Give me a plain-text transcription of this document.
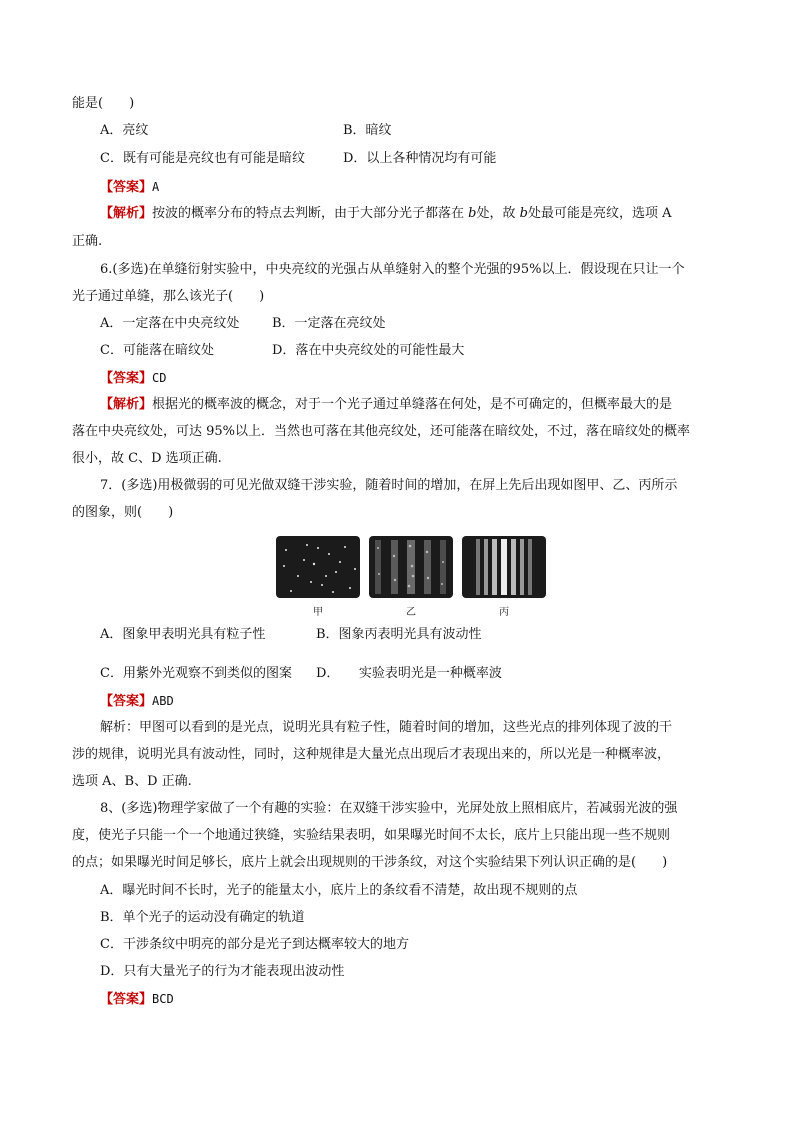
能是(　　)
A．亮纹	B．暗纹
C．既有可能是亮纹也有可能是暗纹	D．以上各种情况均有可能
【答案】A
【解析】按波的概率分布的特点去判断，由于大部分光子都落在 b处，故 b处最可能是亮纹，选项 A
正确.
6.(多选)在单缝衍射实验中，中央亮纹的光强占从单缝射入的整个光强的95%以上．假设现在只让一个
光子通过单缝，那么该光子(　　)
A．一定落在中央亮纹处	B．一定落在亮纹处
C．可能落在暗纹处	D．落在中央亮纹处的可能性最大
【答案】CD
【解析】根据光的概率波的概念，对于一个光子通过单缝落在何处，是不可确定的，但概率最大的是
落在中央亮纹处，可达 95%以上．当然也可落在其他亮纹处，还可能落在暗纹处，不过，落在暗纹处的概率
很小，故 C、D 选项正确.
7．(多选)用极微弱的可见光做双缝干涉实验，随着时间的增加，在屏上先后出现如图甲、乙、丙所示
的图象，则(　　)
甲	乙	丙
A．图象甲表明光具有粒子性	B．图象丙表明光具有波动性
C．用紫外光观察不到类似的图案 D．　　实验表明光是一种概率波
【答案】ABD
解析：甲图可以看到的是光点，说明光具有粒子性，随着时间的增加，这些光点的排列体现了波的干
涉的规律，说明光具有波动性，同时，这种规律是大量光点出现后才表现出来的，所以光是一种概率波，
选项 A、B、D 正确.
8、(多选)物理学家做了一个有趣的实验：在双缝干涉实验中，光屏处放上照相底片，若减弱光波的强
度，使光子只能一个一个地通过狭缝，实验结果表明，如果曝光时间不太长，底片上只能出现一些不规则
的点；如果曝光时间足够长，底片上就会出现规则的干涉条纹，对这个实验结果下列认识正确的是(　　)
A．曝光时间不长时，光子的能量太小，底片上的条纹看不清楚，故出现不规则的点
B．单个光子的运动没有确定的轨道
C．干涉条纹中明亮的部分是光子到达概率较大的地方
D．只有大量光子的行为才能表现出波动性
【答案】BCD
